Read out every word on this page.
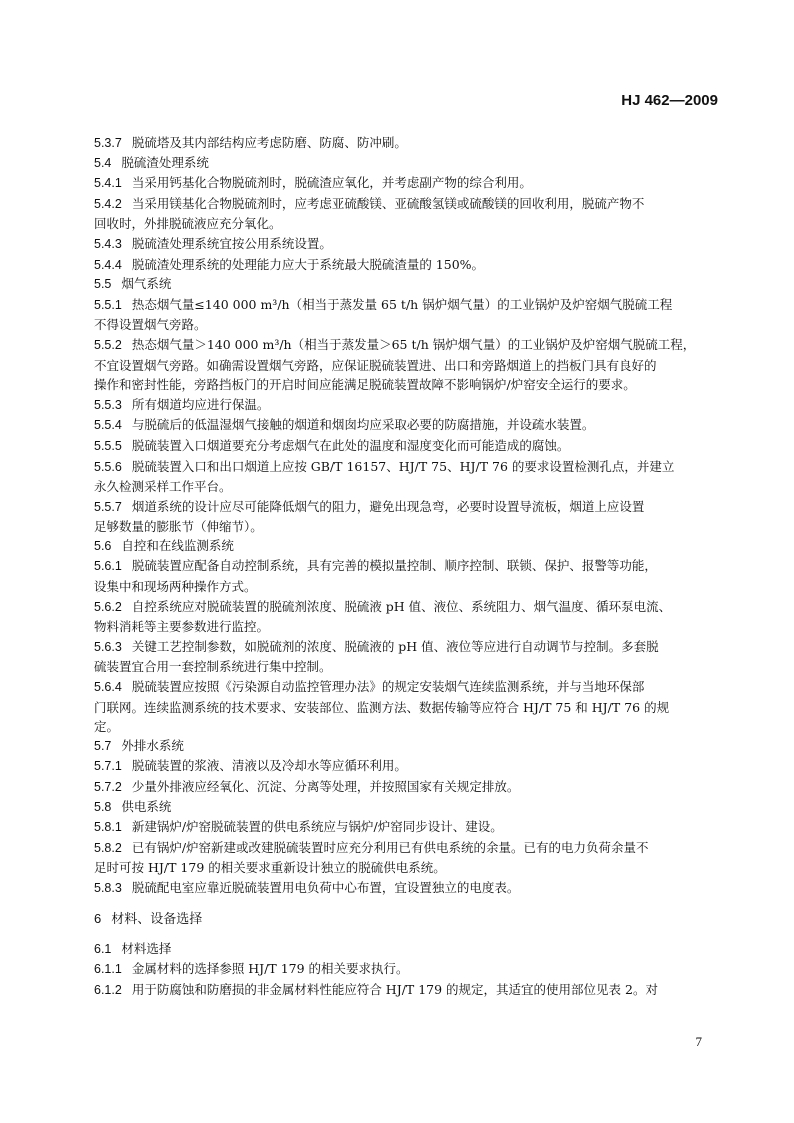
HJ 462—2009
5.3.7 脱硫塔及其内部结构应考虑防磨、防腐、防冲刷。
5.4 脱硫渣处理系统
5.4.1 当采用钙基化合物脱硫剂时，脱硫渣应氧化，并考虑副产物的综合利用。
5.4.2 当采用镁基化合物脱硫剂时，应考虑亚硫酸镁、亚硫酸氢镁或硫酸镁的回收利用，脱硫产物不
回收时，外排脱硫液应充分氧化。
5.4.3 脱硫渣处理系统宜按公用系统设置。
5.4.4 脱硫渣处理系统的处理能力应大于系统最大脱硫渣量的 150%。
5.5 烟气系统
5.5.1 热态烟气量≤140 000 m³/h（相当于蒸发量 65 t/h 锅炉烟气量）的工业锅炉及炉窑烟气脱硫工程
不得设置烟气旁路。
5.5.2 热态烟气量＞140 000 m³/h（相当于蒸发量＞65 t/h 锅炉烟气量）的工业锅炉及炉窑烟气脱硫工程，
不宜设置烟气旁路。如确需设置烟气旁路，应保证脱硫装置进、出口和旁路烟道上的挡板门具有良好的
操作和密封性能，旁路挡板门的开启时间应能满足脱硫装置故障不影响锅炉/炉窑安全运行的要求。
5.5.3 所有烟道均应进行保温。
5.5.4 与脱硫后的低温湿烟气接触的烟道和烟囱均应采取必要的防腐措施，并设疏水装置。
5.5.5 脱硫装置入口烟道要充分考虑烟气在此处的温度和湿度变化而可能造成的腐蚀。
5.5.6 脱硫装置入口和出口烟道上应按 GB/T 16157、HJ/T 75、HJ/T 76 的要求设置检测孔点，并建立
永久检测采样工作平台。
5.5.7 烟道系统的设计应尽可能降低烟气的阻力，避免出现急弯，必要时设置导流板，烟道上应设置
足够数量的膨胀节（伸缩节）。
5.6 自控和在线监测系统
5.6.1 脱硫装置应配备自动控制系统，具有完善的模拟量控制、顺序控制、联锁、保护、报警等功能，
设集中和现场两种操作方式。
5.6.2 自控系统应对脱硫装置的脱硫剂浓度、脱硫液 pH 值、液位、系统阻力、烟气温度、循环泵电流、
物料消耗等主要参数进行监控。
5.6.3 关键工艺控制参数，如脱硫剂的浓度、脱硫液的 pH 值、液位等应进行自动调节与控制。多套脱
硫装置宜合用一套控制系统进行集中控制。
5.6.4 脱硫装置应按照《污染源自动监控管理办法》的规定安装烟气连续监测系统，并与当地环保部
门联网。连续监测系统的技术要求、安装部位、监测方法、数据传输等应符合 HJ/T 75 和 HJ/T 76 的规
定。
5.7 外排水系统
5.7.1 脱硫装置的浆液、清液以及冷却水等应循环利用。
5.7.2 少量外排液应经氧化、沉淀、分离等处理，并按照国家有关规定排放。
5.8 供电系统
5.8.1 新建锅炉/炉窑脱硫装置的供电系统应与锅炉/炉窑同步设计、建设。
5.8.2 已有锅炉/炉窑新建或改建脱硫装置时应充分利用已有供电系统的余量。已有的电力负荷余量不
足时可按 HJ/T 179 的相关要求重新设计独立的脱硫供电系统。
5.8.3 脱硫配电室应靠近脱硫装置用电负荷中心布置，宜设置独立的电度表。
6 材料、设备选择
6.1 材料选择
6.1.1 金属材料的选择参照 HJ/T 179 的相关要求执行。
6.1.2 用于防腐蚀和防磨损的非金属材料性能应符合 HJ/T 179 的规定，其适宜的使用部位见表 2。对
7
